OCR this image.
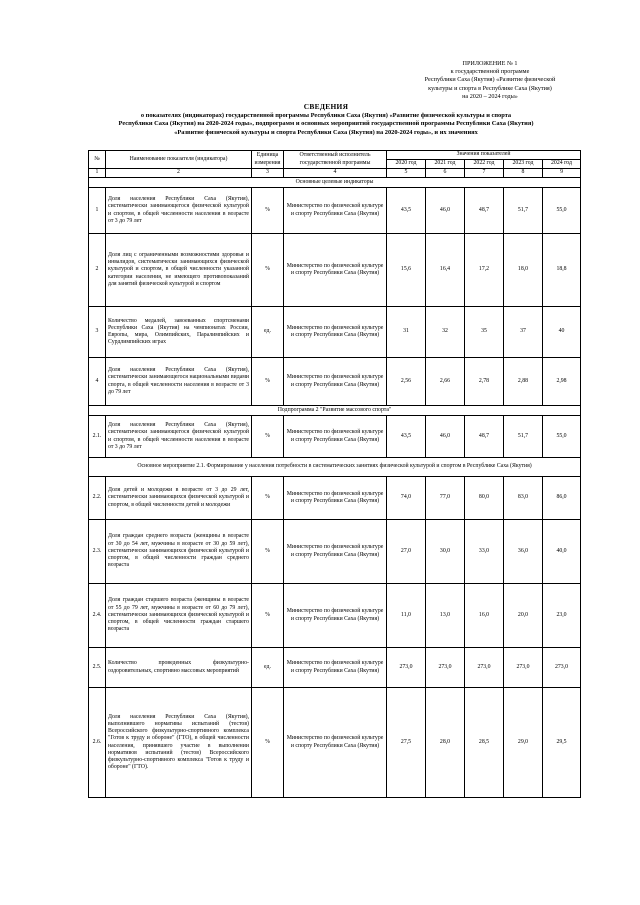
ПРИЛОЖЕНИЕ № 1
к государственной программе
Республики Саха (Якутия) «Развитие физической
культуры и спорта в Республике Саха (Якутия)
на 2020 – 2024 годы»
СВЕДЕНИЯ
о показателях (индикаторах) государственной программы Республики Саха (Якутия) «Развитие физической культуры и спорта
Республики Саха (Якутия) на 2020-2024 годы», подпрограмм и основных мероприятий государственной программы Республики Саха (Якутия)
«Развитие физической культуры и спорта Республики Саха (Якутия) на 2020-2024 годы», и их значениях
№	Наименование показателя (индикатора)	Единица измерения	Ответственный исполнитель государственной программы	Значения показателей				
				2020 год	2021 год	2022 год	2023 год	2024 год
1	2	3	4	5	6	7	8	9
Основные целевые индикаторы								
1	Доля населения Республики Саха (Якутия), систематически занимающегося физической культурой и спортом, в общей численности населения в возрасте от 3 до 79 лет	%	Министерство по физической культуре и спорту Республики Саха (Якутия)	43,5	46,0	48,7	51,7	55,0
2	Доля лиц с ограниченными возможностями здоровья и инвалидов, систематически занимающихся физической культурой и спортом, в общей численности указанной категории населения, не имеющего противопоказаний для занятий физической культурой и спортом	%	Министерство по физической культуре и спорту Республики Саха (Якутия)	15,6	16,4	17,2	18,0	18,8
3	Количество медалей, завоеванных спортсменами Республики Саха (Якутия) на чемпионатах России, Европы, мира, Олимпийских, Паралимпийских и Сурдлимпийских играх	ед.	Министерство по физической культуре и спорту Республики Саха (Якутия)	31	32	35	37	40
4	Доля населения Республики Саха (Якутия), систематически занимающегося национальными видами спорта, в общей численности населения в возрасте от 3 до 79 лет	%	Министерство по физической культуре и спорту Республики Саха (Якутия)	2,56	2,66	2,78	2,88	2,98
Подпрограмма 2 "Развитие массового спорта"								
2.1.	Доля населения Республики Саха (Якутия), систематически занимающегося физической культурой и спортом, в общей численности населения в возрасте от 3 до 79 лет	%	Министерство по физической культуре и спорту Республики Саха (Якутия)	43,5	46,0	48,7	51,7	55,0
Основное мероприятие 2.1. Формирование у населения потребности в систематических занятиях физической культурой и спортом в Республике Саха (Якутия)								
2.2.	Доля детей и молодежи в возрасте от 3 до 29 лет, систематически занимающихся физической культурой и спортом, в общей численности детей и молодежи	%	Министерство по физической культуре и спорту Республики Саха (Якутия)	74,0	77,0	80,0	83,0	86,0
2.3.	Доля граждан среднего возраста (женщины в возрасте от 30 до 54 лет, мужчины в возрасте от 30 до 59 лет), систематически занимающихся физической культурой и спортом, в общей численности граждан среднего возраста	%	Министерство по физической культуре и спорту Республики Саха (Якутия)	27,0	30,0	33,0	36,0	40,0
2.4.	Доля граждан старшего возраста (женщины в возрасте от 55 до 79 лет, мужчины в возрасте от 60 до 79 лет), систематически занимающихся физической культурой и спортом, в общей численности граждан старшего возраста	%	Министерство по физической культуре и спорту Республики Саха (Якутия)	11,0	13,0	16,0	20,0	23,0
2.5.	Количество проведенных физкультурно-оздоровительных, спортивно массовых мероприятий	ед.	Министерство по физической культуре и спорту Республики Саха (Якутия)	273,0	273,0	273,0	273,0	273,0
2.6.	Доля населения Республики Саха (Якутия), выполнившего нормативы испытаний (тестов) Всероссийского физкультурно-спортивного комплекса "Готов к труду и обороне" (ГТО), в общей численности населения, принявшего участие в выполнении нормативов испытаний (тестов) Всероссийского физкультурно-спортивного комплекса "Готов к труду и обороне" (ГТО).	%	Министерство по физической культуре и спорту Республики Саха (Якутия)	27,5	28,0	28,5	29,0	29,5
